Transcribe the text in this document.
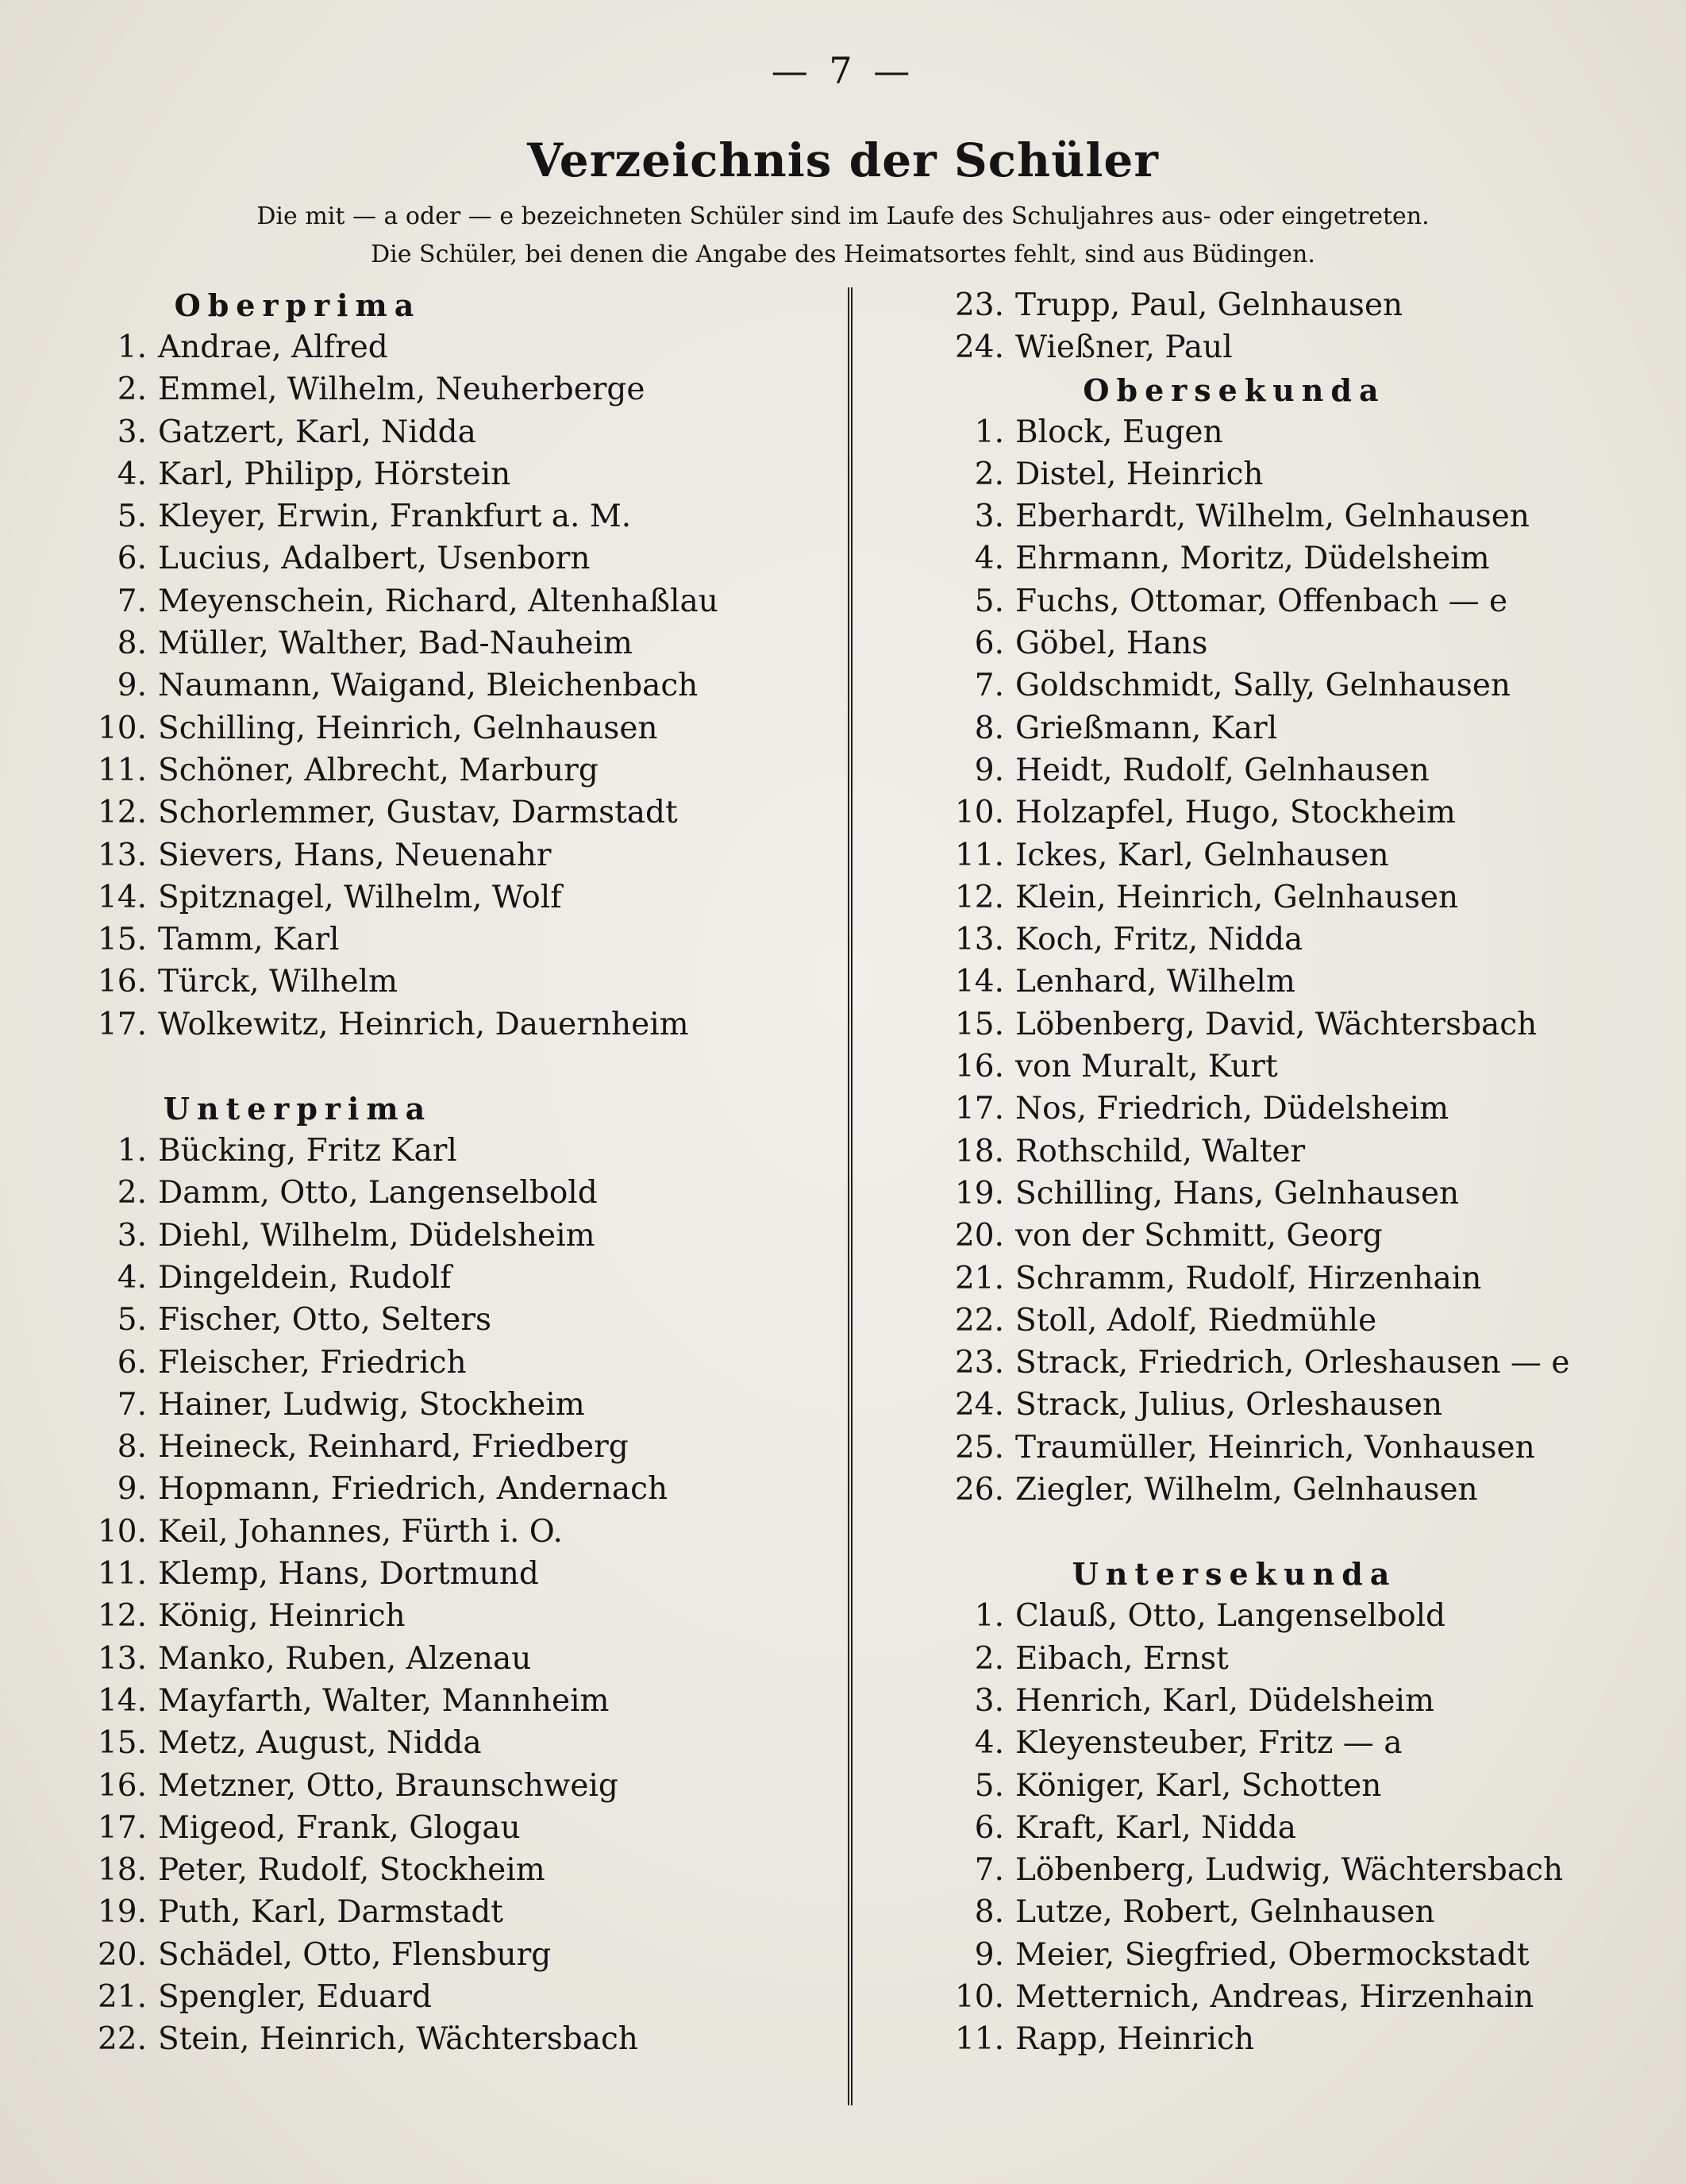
— 7 —
Verzeichnis der Schüler
Die mit — a oder — e bezeichneten Schüler sind im Laufe des Schuljahres aus- oder eingetreten.
Die Schüler, bei denen die Angabe des Heimatsortes fehlt, sind aus Büdingen.
Oberprima
1. Andrae, Alfred
2. Emmel, Wilhelm, Neuherberge
3. Gatzert, Karl, Nidda
4. Karl, Philipp, Hörstein
5. Kleyer, Erwin, Frankfurt a. M.
6. Lucius, Adalbert, Usenborn
7. Meyenschein, Richard, Altenhaßlau
8. Müller, Walther, Bad-Nauheim
9. Naumann, Waigand, Bleichenbach
10. Schilling, Heinrich, Gelnhausen
11. Schöner, Albrecht, Marburg
12. Schorlemmer, Gustav, Darmstadt
13. Sievers, Hans, Neuenahr
14. Spitznagel, Wilhelm, Wolf
15. Tamm, Karl
16. Türck, Wilhelm
17. Wolkewitz, Heinrich, Dauernheim
Unterprima
1. Bücking, Fritz Karl
2. Damm, Otto, Langenselbold
3. Diehl, Wilhelm, Düdelsheim
4. Dingeldein, Rudolf
5. Fischer, Otto, Selters
6. Fleischer, Friedrich
7. Hainer, Ludwig, Stockheim
8. Heineck, Reinhard, Friedberg
9. Hopmann, Friedrich, Andernach
10. Keil, Johannes, Fürth i. O.
11. Klemp, Hans, Dortmund
12. König, Heinrich
13. Manko, Ruben, Alzenau
14. Mayfarth, Walter, Mannheim
15. Metz, August, Nidda
16. Metzner, Otto, Braunschweig
17. Migeod, Frank, Glogau
18. Peter, Rudolf, Stockheim
19. Puth, Karl, Darmstadt
20. Schädel, Otto, Flensburg
21. Spengler, Eduard
22. Stein, Heinrich, Wächtersbach
23. Trupp, Paul, Gelnhausen
24. Wießner, Paul
Obersekunda
1. Block, Eugen
2. Distel, Heinrich
3. Eberhardt, Wilhelm, Gelnhausen
4. Ehrmann, Moritz, Düdelsheim
5. Fuchs, Ottomar, Offenbach — e
6. Göbel, Hans
7. Goldschmidt, Sally, Gelnhausen
8. Grießmann, Karl
9. Heidt, Rudolf, Gelnhausen
10. Holzapfel, Hugo, Stockheim
11. Ickes, Karl, Gelnhausen
12. Klein, Heinrich, Gelnhausen
13. Koch, Fritz, Nidda
14. Lenhard, Wilhelm
15. Löbenberg, David, Wächtersbach
16. von Muralt, Kurt
17. Nos, Friedrich, Düdelsheim
18. Rothschild, Walter
19. Schilling, Hans, Gelnhausen
20. von der Schmitt, Georg
21. Schramm, Rudolf, Hirzenhain
22. Stoll, Adolf, Riedmühle
23. Strack, Friedrich, Orleshausen — e
24. Strack, Julius, Orleshausen
25. Traumüller, Heinrich, Vonhausen
26. Ziegler, Wilhelm, Gelnhausen
Untersekunda
1. Clauß, Otto, Langenselbold
2. Eibach, Ernst
3. Henrich, Karl, Düdelsheim
4. Kleyensteuber, Fritz — a
5. Königer, Karl, Schotten
6. Kraft, Karl, Nidda
7. Löbenberg, Ludwig, Wächtersbach
8. Lutze, Robert, Gelnhausen
9. Meier, Siegfried, Obermockstadt
10. Metternich, Andreas, Hirzenhain
11. Rapp, Heinrich
